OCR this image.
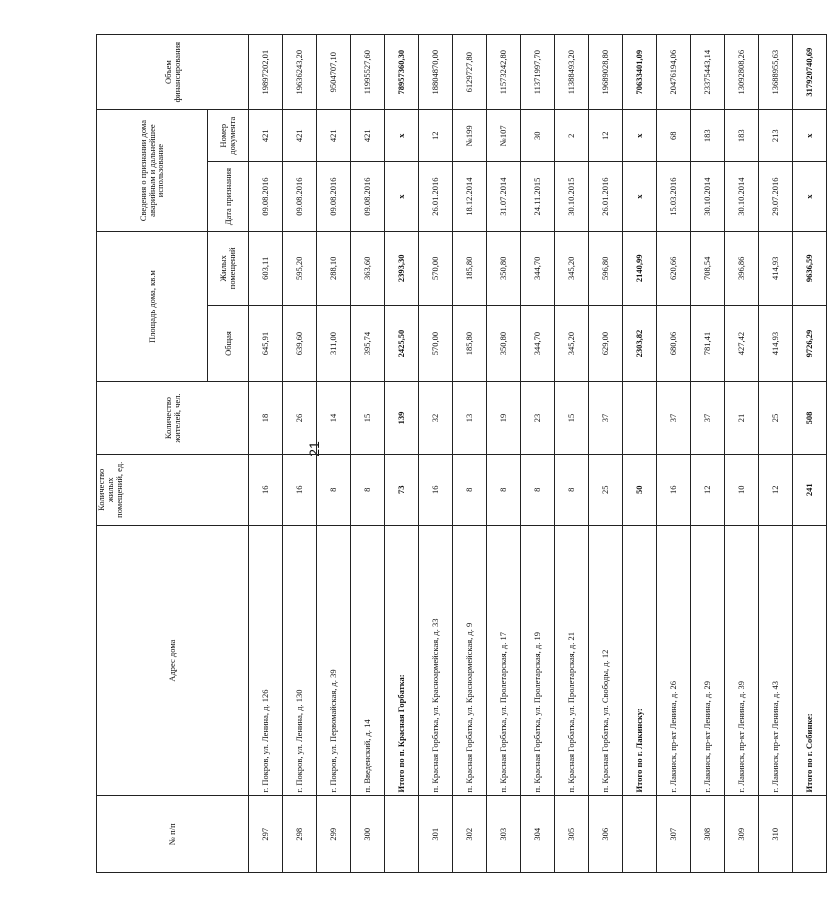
21
№ п/п	Адрес дома	Количество жилых помещений, ед.	Количество жителей, чел.	Площадь дома, кв.м		Сведения о признании дома аварийным и дальнейшее использование		Объем финансирования
						Дата признания	Номер документа	
				Общая	Жилых помещений			
297	г. Покров, ул. Ленина, д. 126	16	18	645,91	603,11	09.08.2016	421	19897202,01
298	г. Покров, ул. Ленина, д. 130	16	26	639,60	595,20	09.08.2016	421	19636243,20
299	г. Покров, ул. Первомайская, д. 39	8	14	311,00	288,10	09.08.2016	421	9504707,10
300	п. Введенский, д. 14	8	15	395,74	363,60	09.08.2016	421	11995527,60
	Итого по п. Красная Горбатка:	73	139	2425,50	2393,30	x	x	78957360,30
301	п. Красная Горбатка, ул. Красноармейская, д. 33	16	32	570,00	570,00	26.01.2016	12	18804870,00
302	п. Красная Горбатка, ул. Красноармейская, д. 9	8	13	185,80	185,80	18.12.2014	№199	6129727,80
303	п. Красная Горбатка, ул. Пролетарская, д. 17	8	19	350,80	350,80	31.07.2014	№107	11573242,80
304	п. Красная Горбатка, ул. Пролетарская, д. 19	8	23	344,70	344,70	24.11.2015	30	11371997,70
305	п. Красная Горбатка, ул. Пролетарская, д. 21	8	15	345,20	345,20	30.10.2015	2	11388493,20
306	п. Красная Горбатка, ул. Свободы, д. 12	25	37	629,00	596,80	26.01.2016	12	19689028,80
	Итого по г. Лакинску:	50		2303,82	2140,99	x	x	70633401,09
307	г. Лакинск, пр-кт Ленина, д. 26	16	37	680,06	620,66	15.03.2016	68	20476194,06
308	г. Лакинск, пр-кт Ленина, д. 29	12	37	781,41	708,54	30.10.2014	183	23375443,14
309	г. Лакинск, пр-кт Ленина, д. 39	10	21	427,42	396,86	30.10.2014	183	13092808,26
310	г. Лакинск, пр-кт Ленина, д. 43	12	25	414,93	414,93	29.07.2016	213	13688955,63
	Итого по г. Собинке:	241	508	9726,29	9636,59	x	x	317920740,69
